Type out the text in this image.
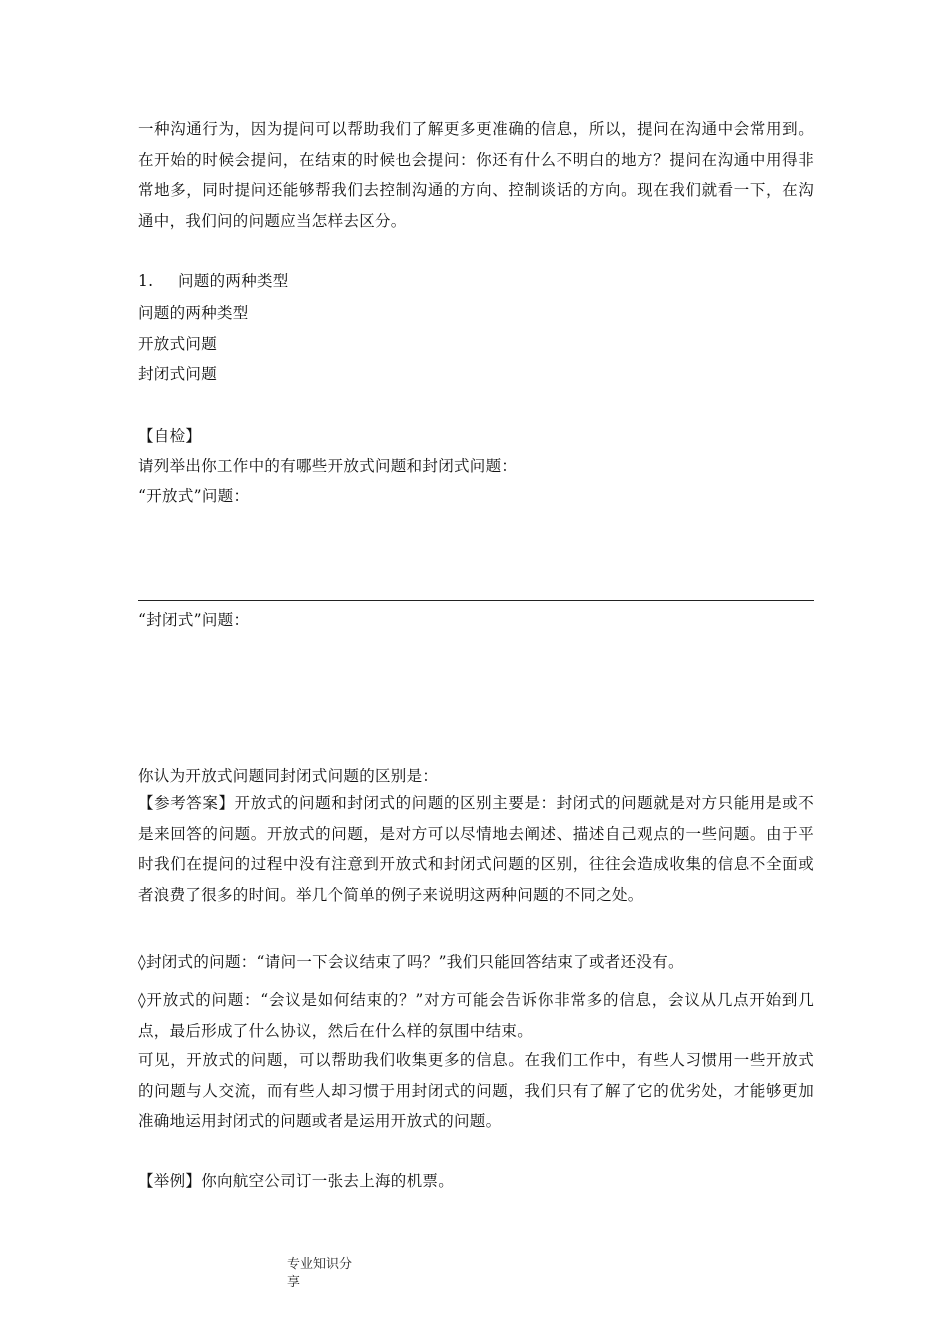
一种沟通行为，因为提问可以帮助我们了解更多更准确的信息，所以，提问在沟通中会常用到。在开始的时候会提问，在结束的时候也会提问：你还有什么不明白的地方？提问在沟通中用得非常地多，同时提问还能够帮我们去控制沟通的方向、控制谈话的方向。现在我们就看一下，在沟通中，我们问的问题应当怎样去区分。
1. 问题的两种类型
问题的两种类型
开放式问题
封闭式问题
【自检】
请列举出你工作中的有哪些开放式问题和封闭式问题：
“开放式”问题：
“封闭式”问题：
你认为开放式问题同封闭式问题的区别是：
【参考答案】开放式的问题和封闭式的问题的区别主要是：封闭式的问题就是对方只能用是或不是来回答的问题。开放式的问题，是对方可以尽情地去阐述、描述自己观点的一些问题。由于平时我们在提问的过程中没有注意到开放式和封闭式问题的区别，往往会造成收集的信息不全面或者浪费了很多的时间。举几个简单的例子来说明这两种问题的不同之处。
◊封闭式的问题：“请问一下会议结束了吗？”我们只能回答结束了或者还没有。
◊开放式的问题：“会议是如何结束的？”对方可能会告诉你非常多的信息，会议从几点开始到几点，最后形成了什么协议，然后在什么样的氛围中结束。
可见，开放式的问题，可以帮助我们收集更多的信息。在我们工作中，有些人习惯用一些开放式的问题与人交流，而有些人却习惯于用封闭式的问题，我们只有了解了它的优劣处，才能够更加准确地运用封闭式的问题或者是运用开放式的问题。
【举例】你向航空公司订一张去上海的机票。
专业知识分
享
